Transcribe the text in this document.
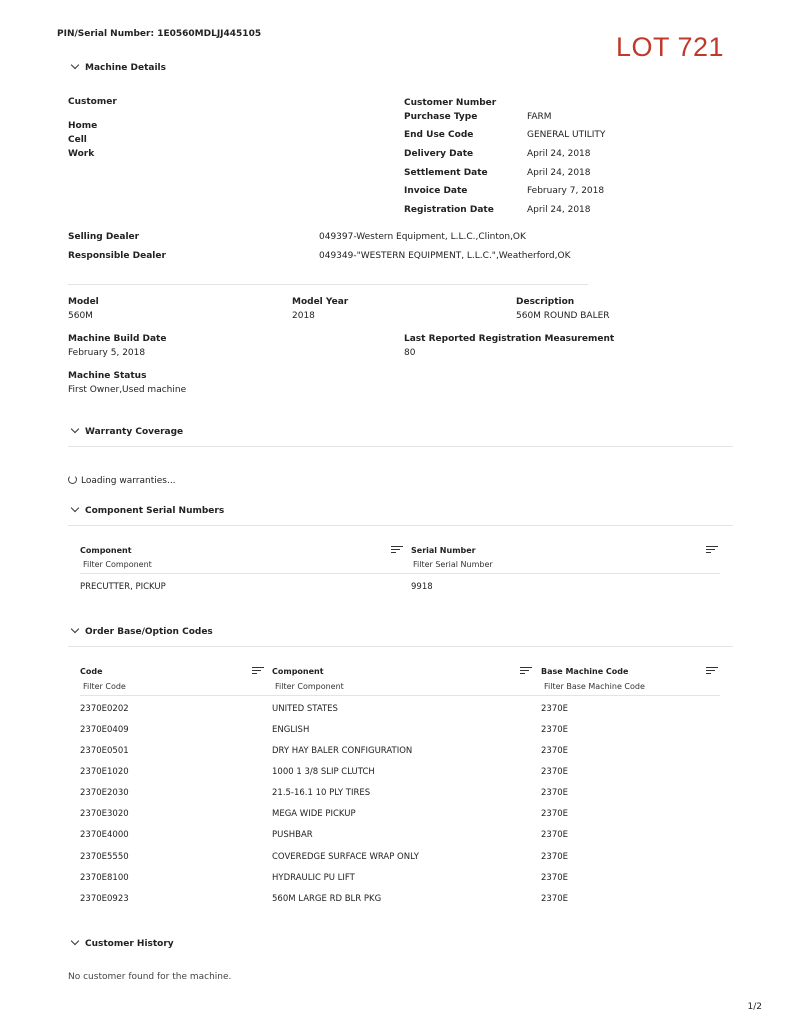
PIN/Serial Number: 1E0560MDLJJ445105	LOT 721
Machine Details
Customer
Home
Cell
Work
Customer Number
Purchase Type	FARM
End Use Code	GENERAL UTILITY
Delivery Date	April 24, 2018
Settlement Date	April 24, 2018
Invoice Date	February 7, 2018
Registration Date	April 24, 2018
Selling Dealer	049397-Western Equipment, L.L.C.,Clinton,OK
Responsible Dealer	049349-"WESTERN EQUIPMENT, L.L.C.",Weatherford,OK
Model
560M
Model Year
2018
Description
560M ROUND BALER
Machine Build Date
February 5, 2018
Last Reported Registration Measurement
80
Machine Status
First Owner,Used machine
Warranty Coverage
Loading warranties...
Component Serial Numbers
Component	Serial Number
Filter Component	Filter Serial Number
PRECUTTER, PICKUP	9918
Order Base/Option Codes
Code	Component	Base Machine Code
Filter Code	Filter Component	Filter Base Machine Code
2370E0202	UNITED STATES	2370E
2370E0409	ENGLISH	2370E
2370E0501	DRY HAY BALER CONFIGURATION	2370E
2370E1020	1000 1 3/8 SLIP CLUTCH	2370E
2370E2030	21.5-16.1 10 PLY TIRES	2370E
2370E3020	MEGA WIDE PICKUP	2370E
2370E4000	PUSHBAR	2370E
2370E5550	COVEREDGE SURFACE WRAP ONLY	2370E
2370E8100	HYDRAULIC PU LIFT	2370E
2370E0923	560M LARGE RD BLR PKG	2370E
Customer History
No customer found for the machine.
1/2
